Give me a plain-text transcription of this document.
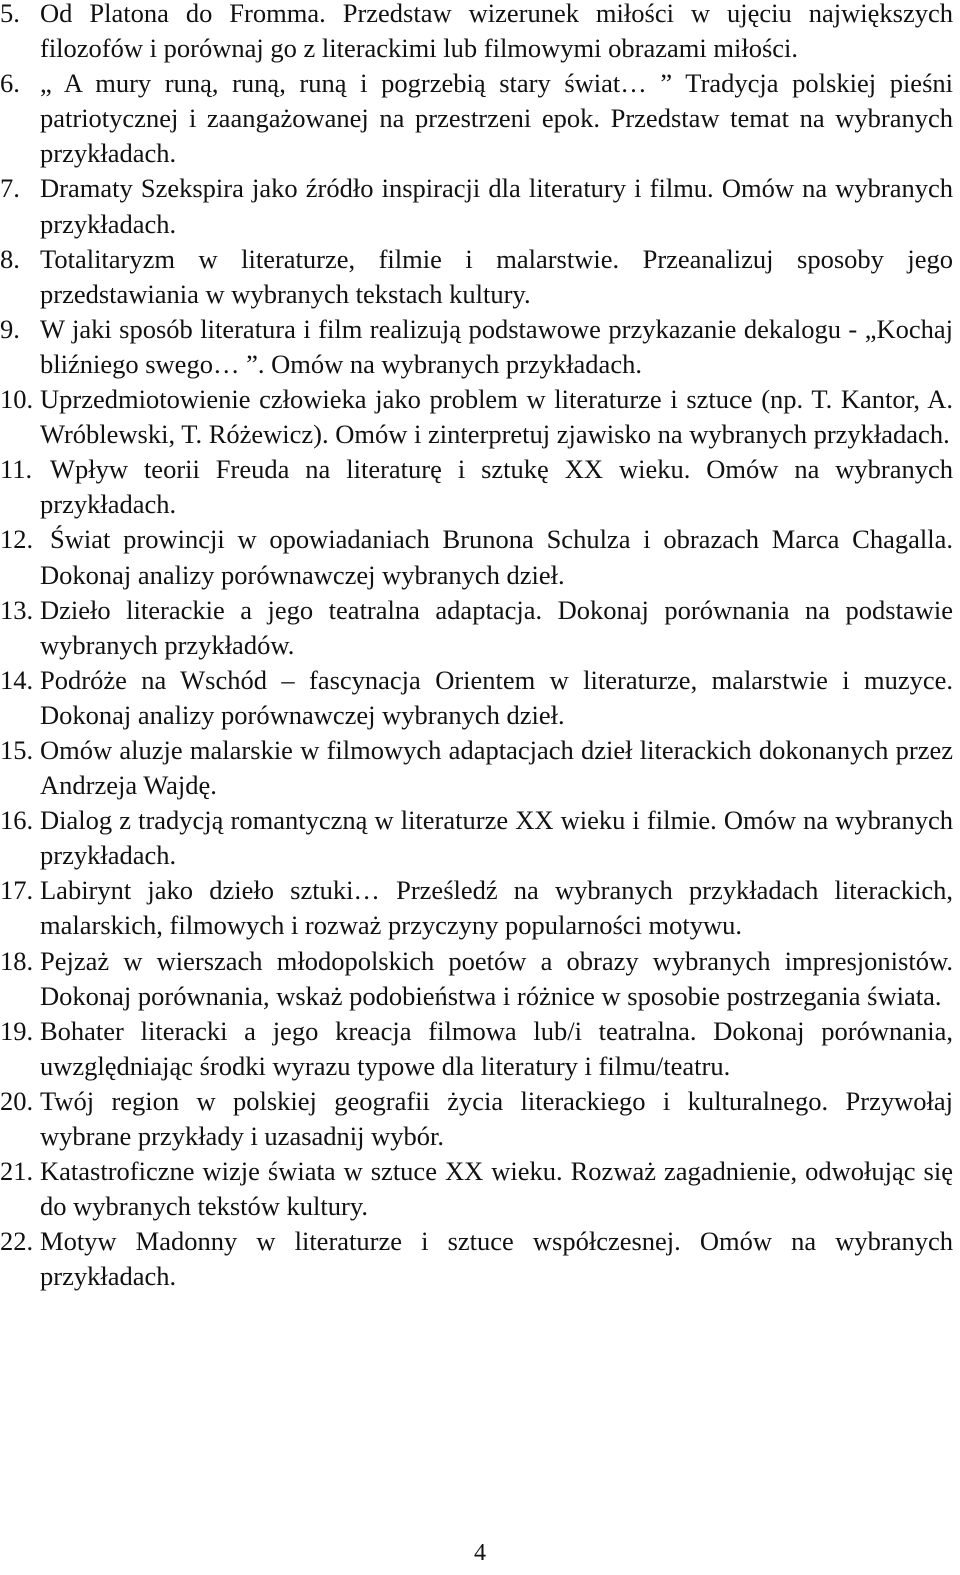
5. Od Platona do Fromma. Przedstaw wizerunek miłości w ujęciu największych filozofów i porównaj go z literackimi lub filmowymi obrazami miłości.
6. „ A mury runą, runą, runą i pogrzebią stary świat… ” Tradycja polskiej pieśni patriotycznej i zaangażowanej na przestrzeni epok. Przedstaw temat na wybranych przykładach.
7. Dramaty Szekspira jako źródło inspiracji dla literatury i filmu. Omów na wybranych przykładach.
8. Totalitaryzm w literaturze, filmie i malarstwie. Przeanalizuj sposoby jego przedstawiania w wybranych tekstach kultury.
9. W jaki sposób literatura i film realizują podstawowe przykazanie dekalogu - „Kochaj bliźniego swego… ”. Omów na wybranych przykładach.
10. Uprzedmiotowienie człowieka jako problem w literaturze i sztuce (np. T. Kantor, A. Wróblewski, T. Różewicz). Omów i zinterpretuj zjawisko na wybranych przykładach.
11. Wpływ teorii Freuda na literaturę i sztukę XX wieku. Omów na wybranych przykładach.
12. Świat prowincji w opowiadaniach Brunona Schulza i obrazach Marca Chagalla. Dokonaj analizy porównawczej wybranych dzieł.
13. Dzieło literackie a jego teatralna adaptacja. Dokonaj porównania na podstawie wybranych przykładów.
14. Podróże na Wschód – fascynacja Orientem w literaturze, malarstwie i muzyce. Dokonaj analizy porównawczej wybranych dzieł.
15. Omów aluzje malarskie w filmowych adaptacjach dzieł literackich dokonanych przez Andrzeja Wajdę.
16. Dialog z tradycją romantyczną w literaturze XX wieku i filmie. Omów na wybranych przykładach.
17. Labirynt jako dzieło sztuki… Prześledź na wybranych przykładach literackich, malarskich, filmowych i rozważ przyczyny popularności motywu.
18. Pejzaż w wierszach młodopolskich poetów a obrazy wybranych impresjonistów. Dokonaj porównania, wskaż podobieństwa i różnice w sposobie postrzegania świata.
19. Bohater literacki a jego kreacja filmowa lub/i teatralna. Dokonaj porównania, uwzględniając środki wyrazu typowe dla literatury i filmu/teatru.
20. Twój region w polskiej geografii życia literackiego i kulturalnego. Przywołaj wybrane przykłady i uzasadnij wybór.
21. Katastroficzne wizje świata w sztuce XX wieku. Rozważ zagadnienie, odwołując się do wybranych tekstów kultury.
22. Motyw Madonny w literaturze i sztuce współczesnej. Omów na wybranych przykładach.
4
